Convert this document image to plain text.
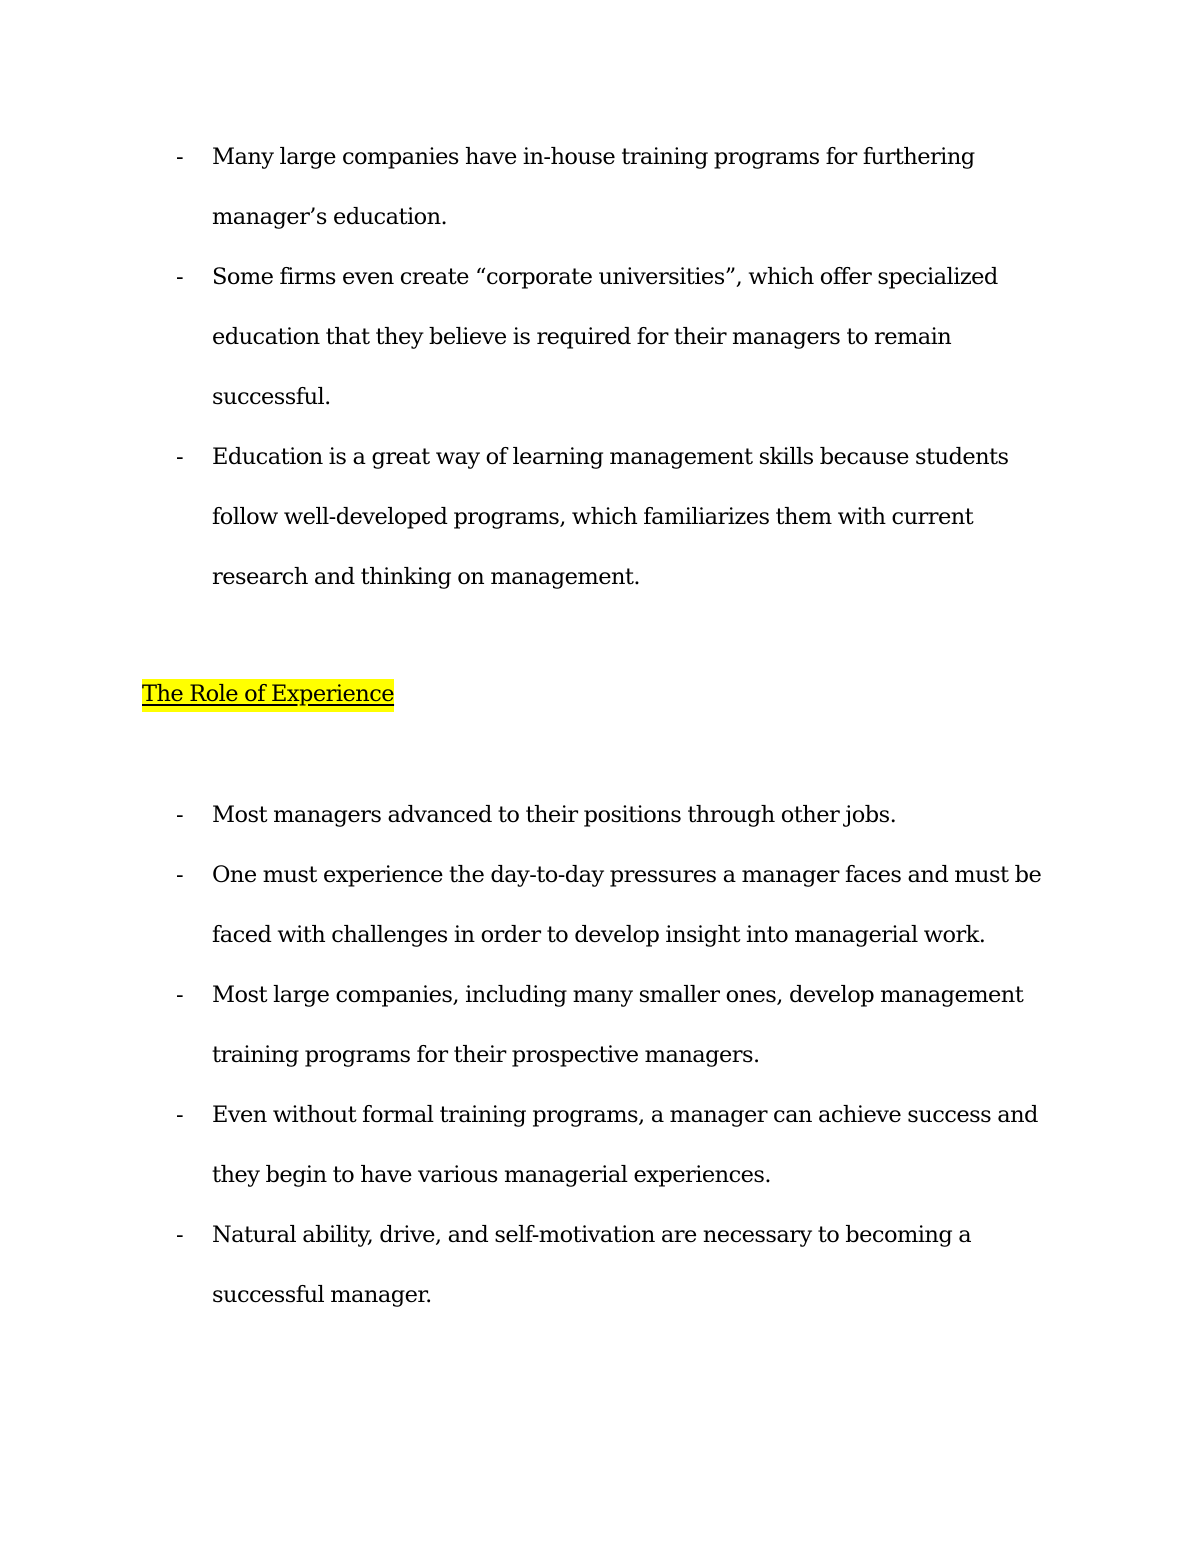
- Many large companies have in-house training programs for furthering manager’s education.
- Some firms even create “corporate universities”, which offer specialized education that they believe is required for their managers to remain successful.
- Education is a great way of learning management skills because students follow well-developed programs, which familiarizes them with current research and thinking on management.
The Role of Experience
- Most managers advanced to their positions through other jobs.
- One must experience the day-to-day pressures a manager faces and must be faced with challenges in order to develop insight into managerial work.
- Most large companies, including many smaller ones, develop management training programs for their prospective managers.
- Even without formal training programs, a manager can achieve success and they begin to have various managerial experiences.
- Natural ability, drive, and self-motivation are necessary to becoming a successful manager.
